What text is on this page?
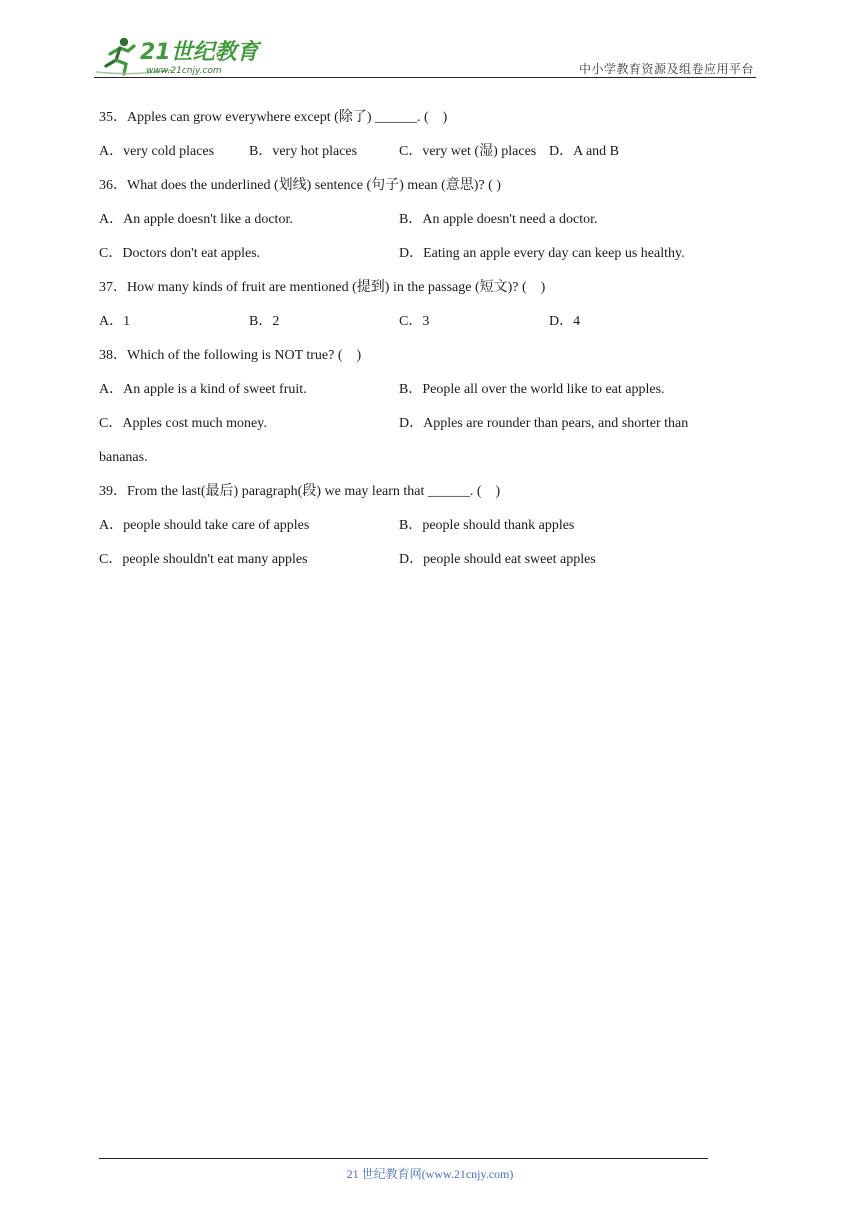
21世纪教育
www.21cnjy.com	中小学教育资源及组卷应用平台
35．Apples can grow everywhere except (除了) ______. (    )
A．very cold places	B．very hot places	C．very wet (湿) places D．A and B
36．What does the underlined (划线) sentence (句子) mean (意思)? ( )
A．An apple doesn't like a doctor.	B．An apple doesn't need a doctor.
C．Doctors don't eat apples.	D．Eating an apple every day can keep us healthy.
37．How many kinds of fruit are mentioned (提到) in the passage (短文)? (    )
A．1	B．2	C．3	D．4
38．Which of the following is NOT true? (    )
A．An apple is a kind of sweet fruit.	B．People all over the world like to eat apples.
C．Apples cost much money.	D．Apples are rounder than pears, and shorter than
bananas.
39．From the last(最后) paragraph(段) we may learn that ______. (    )
A．people should take care of apples	B．people should thank apples
C．people shouldn't eat many apples	D．people should eat sweet apples
21 世纪教育网(www.21cnjy.com)
